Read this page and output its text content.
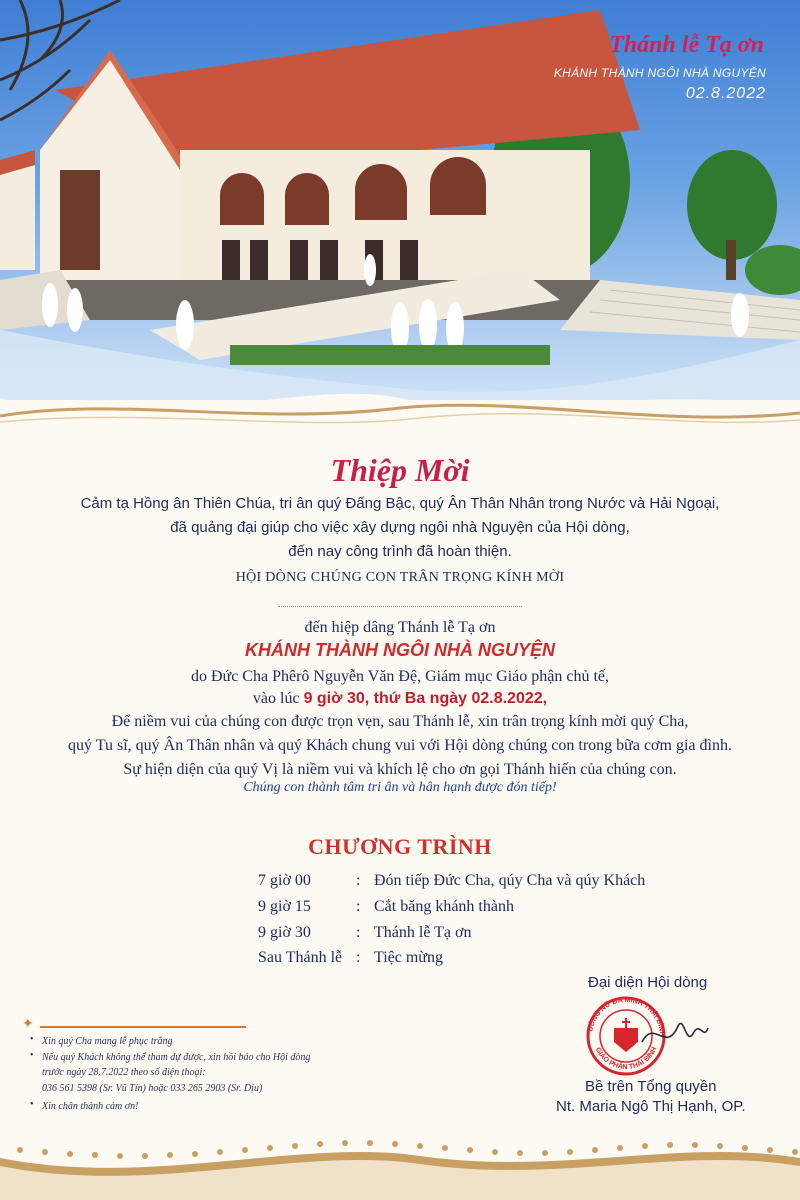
Thánh lễ Tạ ơn
KHÁNH THÀNH NGÔI NHÀ NGUYỆN
02.8.2022
Thiệp Mời
Cảm tạ Hồng ân Thiên Chúa, tri ân quý Đấng Bậc, quý Ân Thân Nhân trong Nước và Hải Ngoại,
đã quảng đại giúp cho việc xây dựng ngôi nhà Nguyện của Hội dòng,
đến nay công trình đã hoàn thiện.
HỘI DÒNG CHÚNG CON TRÂN TRỌNG KÍNH MỜI
đến hiệp dâng Thánh lễ Tạ ơn
KHÁNH THÀNH NGÔI NHÀ NGUYỆN
do Đức Cha Phêrô Nguyễn Văn Đệ, Giám mục Giáo phận chủ tế,
vào lúc 9 giờ 30, thứ Ba ngày 02.8.2022,
Để niềm vui của chúng con được trọn vẹn, sau Thánh lễ, xin trân trọng kính mời quý Cha,
quý Tu sĩ, quý Ân Thân nhân và quý Khách chung vui với Hội dòng chúng con trong bữa cơm gia đình.
Sự hiện diện của quý Vị là niềm vui và khích lệ cho ơn gọi Thánh hiến của chúng con.
Chúng con thành tâm tri ân và hân hạnh được đón tiếp!
CHƯƠNG TRÌNH
7 giờ 00	: Đón tiếp Đức Cha, qúy Cha và qúy Khách
9 giờ 15	: Cắt băng khánh thành
9 giờ 30	: Thánh lễ Tạ ơn
Sau Thánh lễ : Tiệc mừng
✦
• Xin quý Cha mang lễ phục trắng
• Nếu quý Khách không thể tham dự được, xin hồi báo cho Hội dòng
trước ngày 28.7.2022 theo số điện thoại:
036 561 5398 (Sr. Vũ Tín) hoặc 033 265 2903 (Sr. Dịu)
• Xin chân thành cảm ơn!
Đại diện Hội dòng
DÒNG NỮ ĐA MINH THÁI BÌNH
GIÁO PHẬN THÁI BÌNH
Bề trên Tổng quyền
Nt. Maria Ngô Thị Hạnh, OP.
